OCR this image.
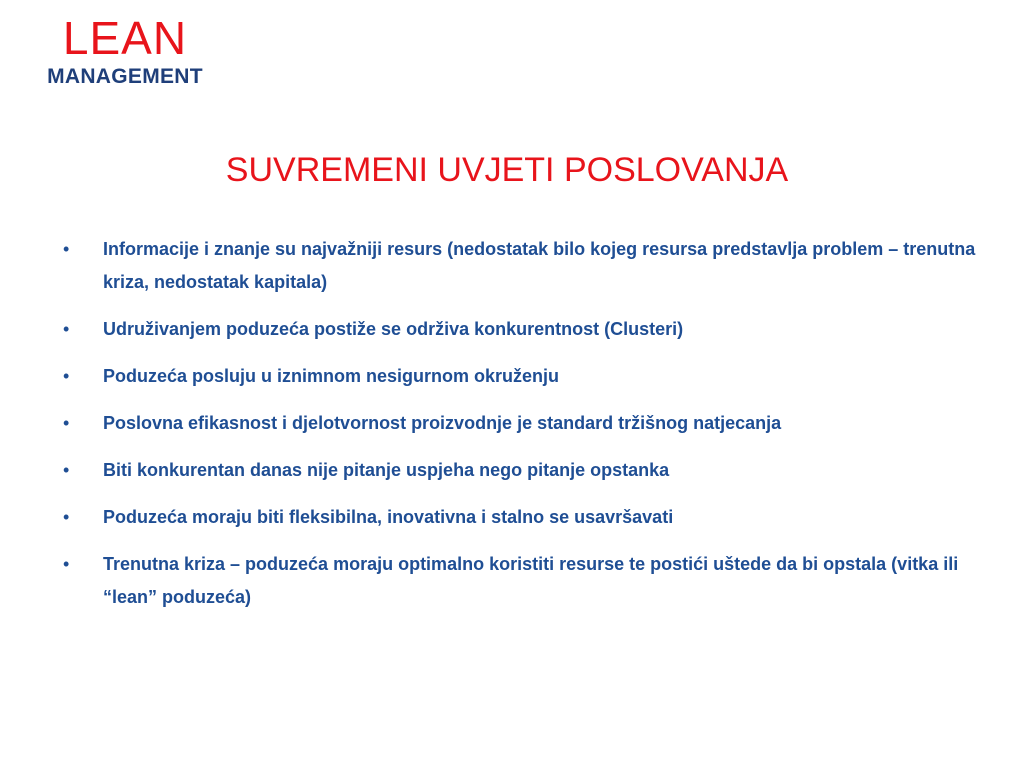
LEAN
MANAGEMENT
SUVREMENI UVJETI POSLOVANJA
• Informacije i znanje su najvažniji resurs (nedostatak bilo kojeg resursa predstavlja problem – trenutna kriza, nedostatak kapitala)
• Udruživanjem poduzeća postiže se održiva konkurentnost (Clusteri)
• Poduzeća posluju u iznimnom nesigurnom okruženju
• Poslovna efikasnost i djelotvornost proizvodnje je standard tržišnog natjecanja
• Biti konkurentan danas nije pitanje uspjeha nego pitanje opstanka
• Poduzeća moraju biti fleksibilna, inovativna i stalno se usavršavati
• Trenutna kriza – poduzeća moraju optimalno koristiti resurse te postići uštede da bi opstala (vitka ili “lean” poduzeća)
